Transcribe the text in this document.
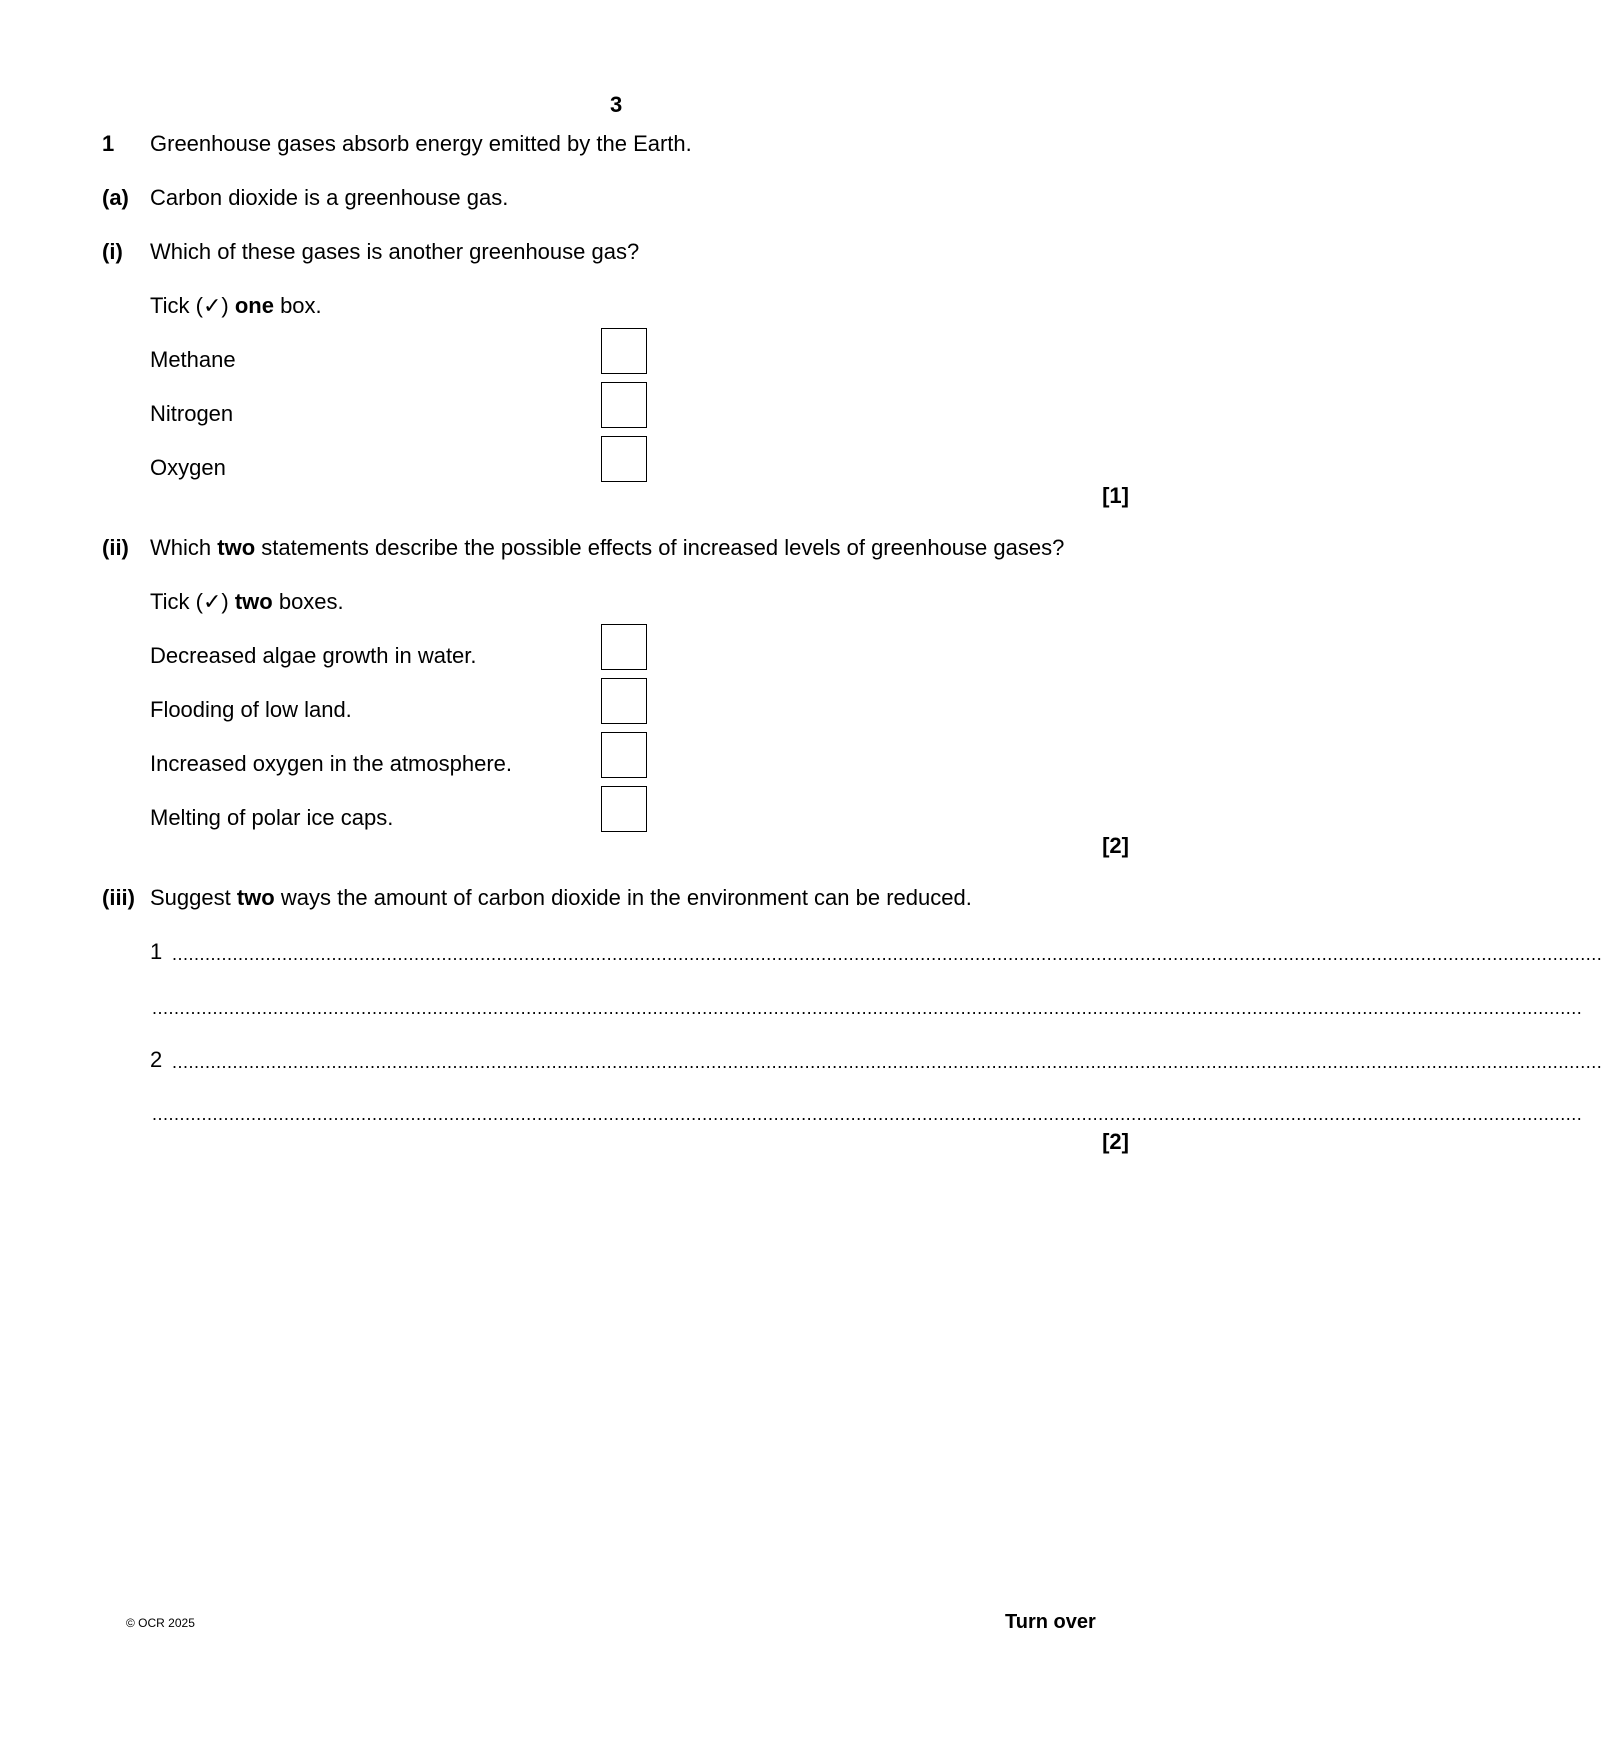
3
1 Greenhouse gases absorb energy emitted by the Earth.
(a) Carbon dioxide is a greenhouse gas.
(i) Which of these gases is another greenhouse gas?
Tick (✓) one box.
Methane
Nitrogen
Oxygen
[1]
(ii) Which two statements describe the possible effects of increased levels of greenhouse gases?
Tick (✓) two boxes.
Decreased algae growth in water.
Flooding of low land.
Increased oxygen in the atmosphere.
Melting of polar ice caps.
[2]
(iii) Suggest two ways the amount of carbon dioxide in the environment can be reduced.
1 ....................................................................................................................................................................................................................................................................
....................................................................................................................................................................................................................................................................
2 ....................................................................................................................................................................................................................................................................
....................................................................................................................................................................................................................................................................
[2]
© OCR 2025	Turn over
